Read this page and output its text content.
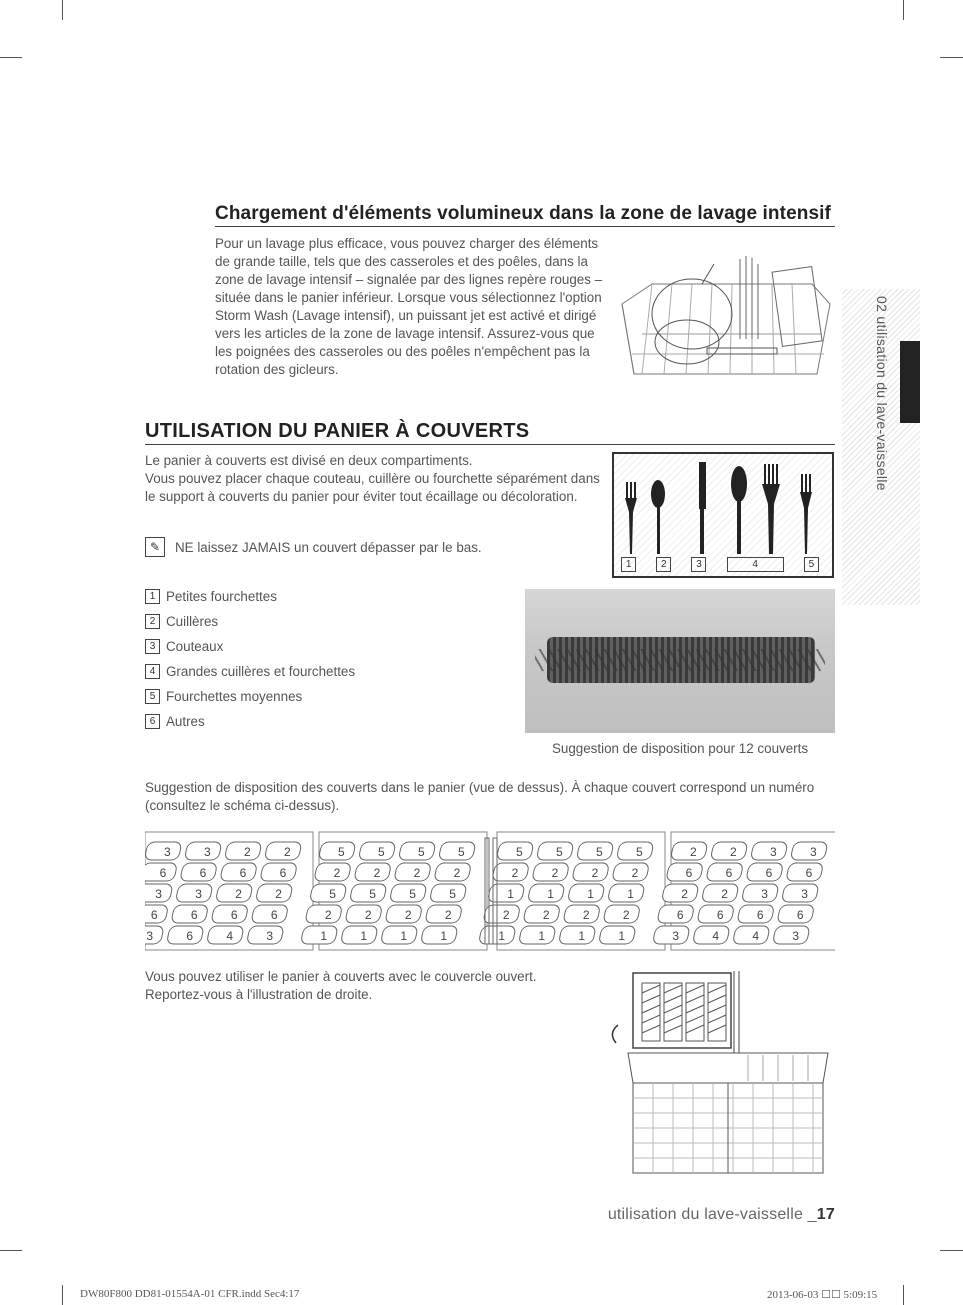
Chargement d'éléments volumineux dans la zone de lavage intensif
Pour un lavage plus efficace, vous pouvez charger des éléments de grande taille, tels que des casseroles et des poêles, dans la zone de lavage intensif – signalée par des lignes repère rouges – située dans le panier inférieur. Lorsque vous sélectionnez l'option Storm Wash (Lavage intensif), un puissant jet est activé et dirigé vers les articles de la zone de lavage intensif. Assurez-vous que les poignées des casseroles ou des poêles n'empêchent pas la rotation des gicleurs.
UTILISATION DU PANIER À COUVERTS
Le panier à couverts est divisé en deux compartiments.
Vous pouvez placer chaque couteau, cuillère ou fourchette séparément dans le support à couverts du panier pour éviter tout écaillage ou décoloration.
✎	NE laissez JAMAIS un couvert dépasser par le bas.
1	2	3	4	5
1 Petites fourchettes
2 Cuillères
3 Couteaux
4 Grandes cuillères et fourchettes
5 Fourchettes moyennes
6 Autres
Suggestion de disposition pour 12 couverts
Suggestion de disposition des couverts dans le panier (vue de dessus). À chaque couvert correspond un numéro (consultez le schéma ci-dessus).
3	3	2	2
6	6	6	6
3	3	2	2
6	6	6	6
3	6	4	3
5	5	5	5
2	2	2	2
5	5	5	5
2	2	2	2
1	1	1	1
5	5	5	5
2	2	2	2
1	1	1	1
2	2	2	2
1	1	1	1
2	2	3	3
6	6	6	6
2	2	3	3
6	6	6	6
3	4	4	3
Vous pouvez utiliser le panier à couverts avec le couvercle ouvert.
Reportez-vous à l'illustration de droite.
02 utilisation du lave-vaisselle
utilisation du lave-vaisselle _17
DW80F800 DD81-01554A-01 CFR.indd Sec4:17	2013-06-03 ☐☐ 5:09:15
